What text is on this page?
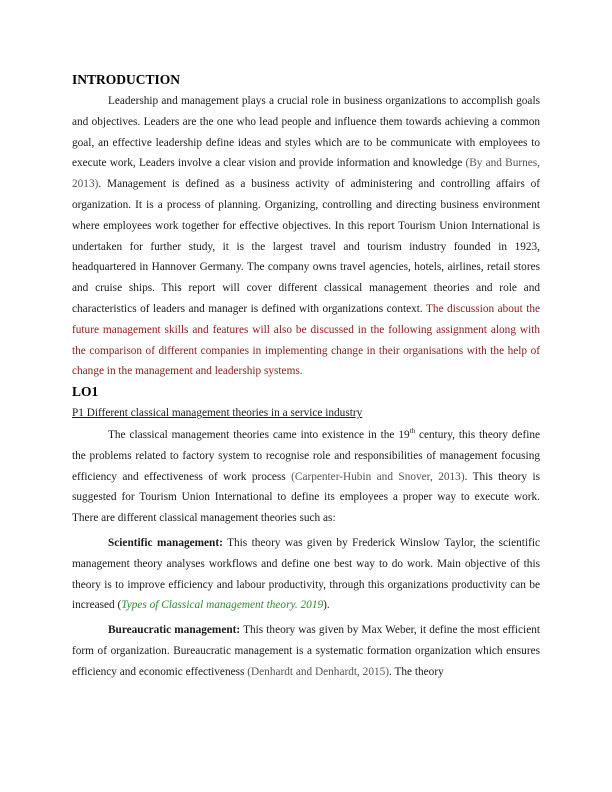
INTRODUCTION

Leadership and management plays a crucial role in business organizations to accomplish goals and objectives. Leaders are the one who lead people and influence them towards achieving a common goal, an effective leadership define ideas and styles which are to be communicate with employees to execute work, Leaders involve a clear vision and provide information and knowledge (By and Burnes, 2013). Management is defined as a business activity of administering and controlling affairs of organization. It is a process of planning. Organizing, controlling and directing business environment where employees work together for effective objectives. In this report Tourism Union International is undertaken for further study, it is the largest travel and tourism industry founded in 1923, headquartered in Hannover Germany. The company owns travel agencies, hotels, airlines, retail stores and cruise ships. This report will cover different classical management theories and role and characteristics of leaders and manager is defined with organizations context. The discussion about the future management skills and features will also be discussed in the following assignment along with the comparison of different companies in implementing change in their organisations with the help of change in the management and leadership systems.

LO1

P1 Different classical management theories in a service industry

The classical management theories came into existence in the 19th century, this theory define the problems related to factory system to recognise role and responsibilities of management focusing efficiency and effectiveness of work process (Carpenter-Hubin and Snover, 2013). This theory is suggested for Tourism Union International to define its employees a proper way to execute work. There are different classical management theories such as:

Scientific management: This theory was given by Frederick Winslow Taylor, the scientific management theory analyses workflows and define one best way to do work. Main objective of this theory is to improve efficiency and labour productivity, through this organizations productivity can be increased (Types of Classical management theory. 2019).

Bureaucratic management: This theory was given by Max Weber, it define the most efficient form of organization. Bureaucratic management is a systematic formation organization which ensures efficiency and economic effectiveness (Denhardt and Denhardt, 2015). The theory
